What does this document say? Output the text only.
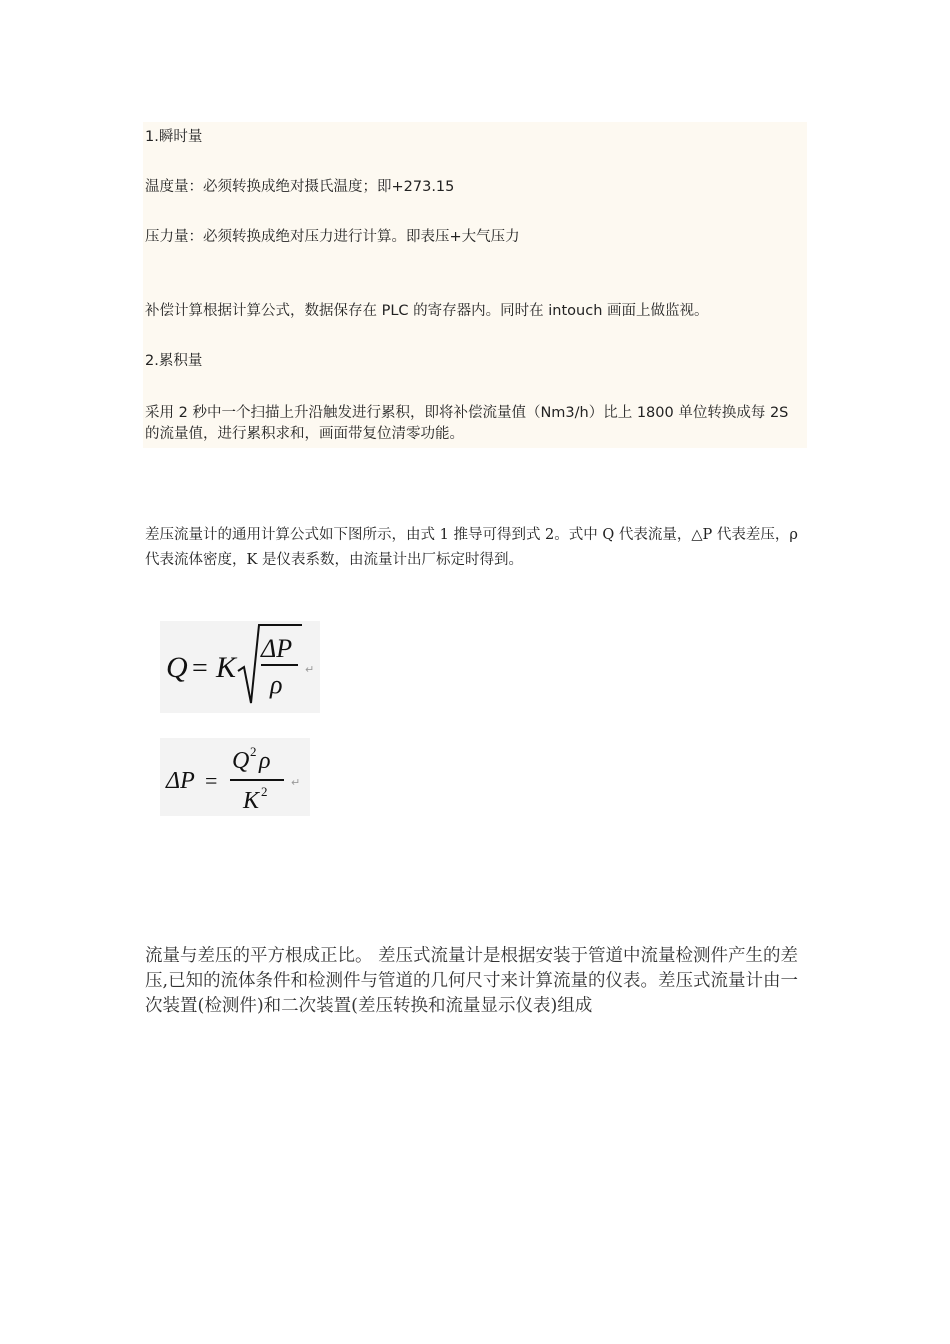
1.瞬时量
温度量：必须转换成绝对摄氏温度；即+273.15
压力量：必须转换成绝对压力进行计算。即表压+大气压力
补偿计算根据计算公式，数据保存在 PLC 的寄存器内。同时在 intouch 画面上做监视。
2.累积量
采用 2 秒中一个扫描上升沿触发进行累积，即将补偿流量值（Nm3/h）比上 1800 单位转换成每 2S 的流量值，进行累积求和，画面带复位清零功能。
差压流量计的通用计算公式如下图所示，由式 1 推导可得到式 2。式中 Q 代表流量，△P 代表差压，ρ 代表流体密度，K 是仪表系数，由流量计出厂标定时得到。
Q = K
ΔP
ρ
↵
ΔP =
Q 2 ρ
K 2
↵
流量与差压的平方根成正比。 差压式流量计是根据安装于管道中流量检测件产生的差压,已知的流体条件和检测件与管道的几何尺寸来计算流量的仪表。差压式流量计由一次装置(检测件)和二次装置(差压转换和流量显示仪表)组成
